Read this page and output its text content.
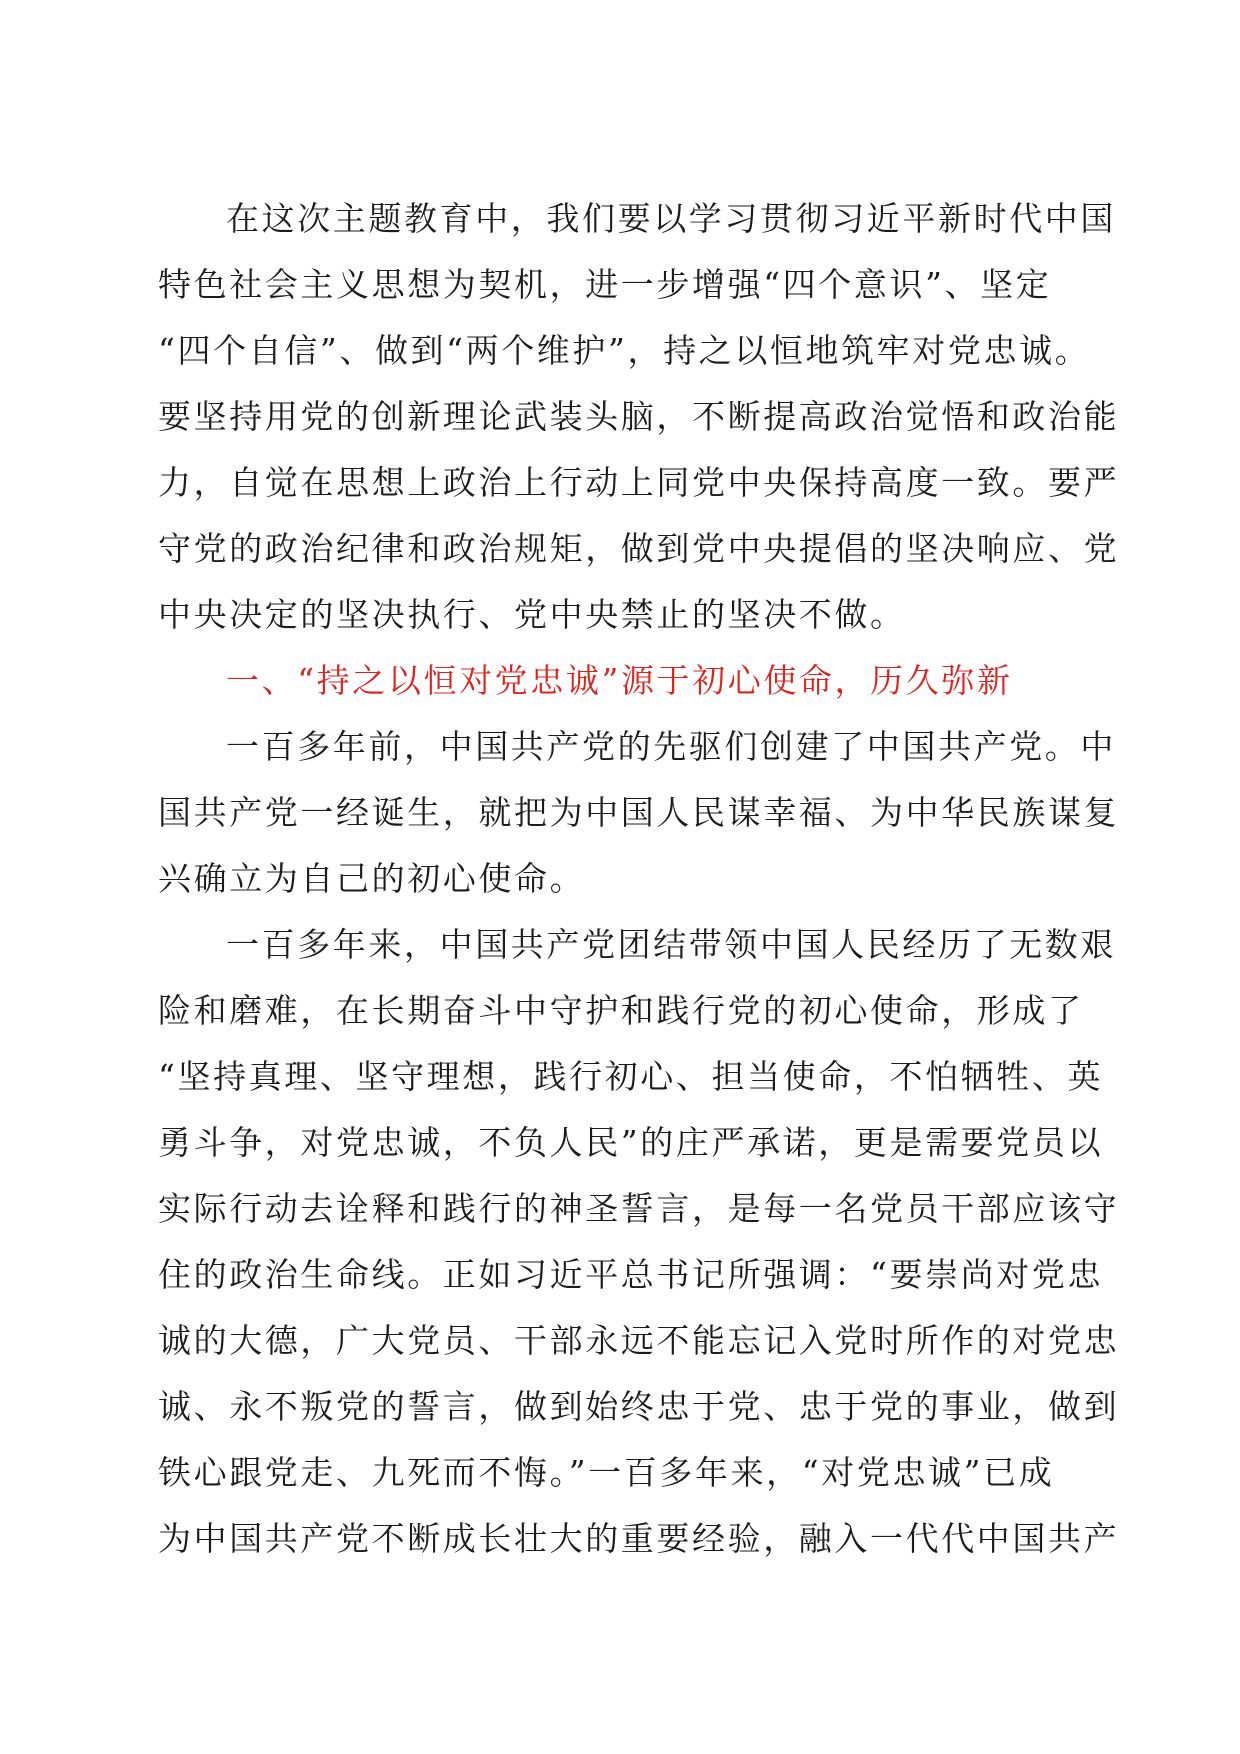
在这次主题教育中，我们要以学习贯彻习近平新时代中国
特色社会主义思想为契机，进一步增强“四个意识”、坚定
“四个自信”、做到“两个维护”，持之以恒地筑牢对党忠诚。
要坚持用党的创新理论武装头脑，不断提高政治觉悟和政治能
力，自觉在思想上政治上行动上同党中央保持高度一致。要严
守党的政治纪律和政治规矩，做到党中央提倡的坚决响应、党
中央决定的坚决执行、党中央禁止的坚决不做。

一、“持之以恒对党忠诚”源于初心使命，历久弥新

一百多年前，中国共产党的先驱们创建了中国共产党。中
国共产党一经诞生，就把为中国人民谋幸福、为中华民族谋复
兴确立为自己的初心使命。

一百多年来，中国共产党团结带领中国人民经历了无数艰
险和磨难，在长期奋斗中守护和践行党的初心使命，形成了
“坚持真理、坚守理想，践行初心、担当使命，不怕牺牲、英
勇斗争，对党忠诚，不负人民”的庄严承诺，更是需要党员以
实际行动去诠释和践行的神圣誓言，是每一名党员干部应该守
住的政治生命线。正如习近平总书记所强调：“要崇尚对党忠
诚的大德，广大党员、干部永远不能忘记入党时所作的对党忠
诚、永不叛党的誓言，做到始终忠于党、忠于党的事业，做到
铁心跟党走、九死而不悔。”一百多年来，“对党忠诚”已成
为中国共产党不断成长壮大的重要经验，融入一代代中国共产
